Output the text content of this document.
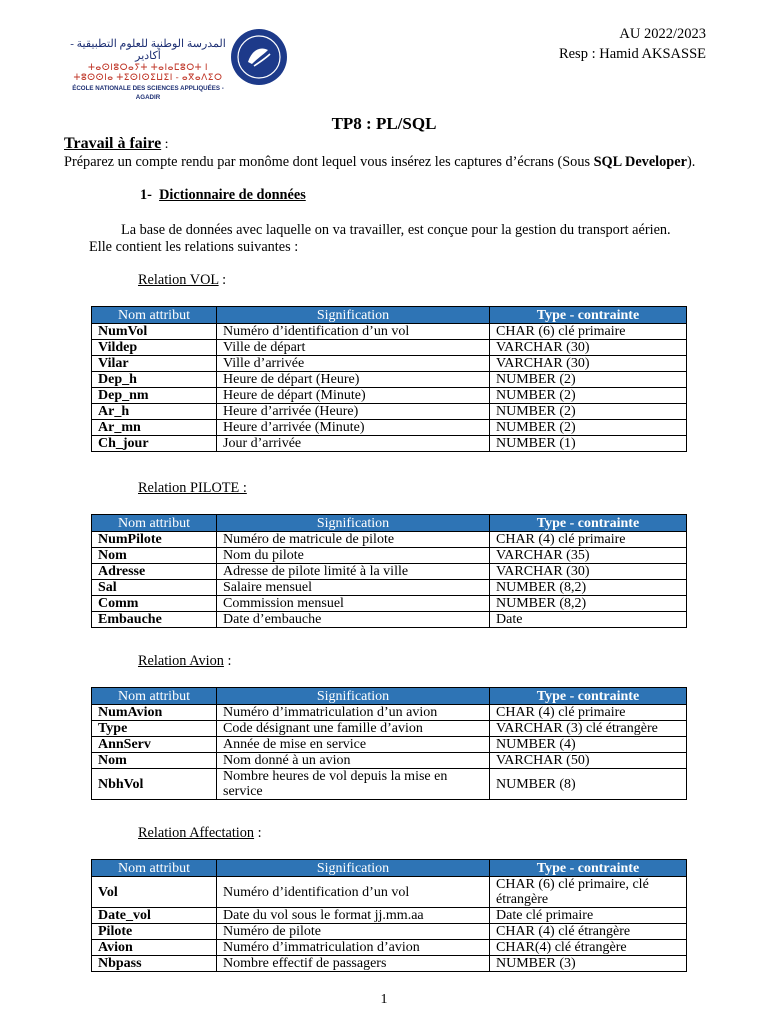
المدرسة الوطنية للعلوم التطبيقية - أكادير
ⵜⴰⵙⵏⵓⵔⴰⵢⵜ ⵜⴰⵏⴰⵎⵓⵔⵜ ⵏ ⵜⵓⵙⵙⵏⴰ ⵜⵉⵙⵏⵙⵉⵡⵉⵏ - ⴰⴳⴰⴷⵉⵔ
ÉCOLE NATIONALE DES SCIENCES APPLIQUÉES - AGADIR
AU 2022/2023
Resp : Hamid AKSASSE
TP8 : PL/SQL
Travail à faire :
Préparez un compte rendu par monôme dont lequel vous insérez les captures d’écrans (Sous SQL Developer).
1- Dictionnaire de données
La base de données avec laquelle on va travailler, est conçue pour la gestion du transport aérien.
Elle contient les relations suivantes :
Relation VOL :
Nom attribut	Signification	Type - contrainte
NumVol	Numéro d’identification d’un vol	CHAR (6) clé primaire
Vildep	Ville de départ	VARCHAR (30)
Vilar	Ville d’arrivée	VARCHAR (30)
Dep_h	Heure de départ (Heure)	NUMBER (2)
Dep_nm	Heure de départ (Minute)	NUMBER (2)
Ar_h	Heure d’arrivée (Heure)	NUMBER (2)
Ar_mn	Heure d’arrivée (Minute)	NUMBER (2)
Ch_jour	Jour d’arrivée	NUMBER (1)
Relation PILOTE :
Nom attribut	Signification	Type - contrainte
NumPilote	Numéro de matricule de pilote	CHAR (4) clé primaire
Nom	Nom du pilote	VARCHAR (35)
Adresse	Adresse de pilote limité à la ville	VARCHAR (30)
Sal	Salaire mensuel	NUMBER (8,2)
Comm	Commission mensuel	NUMBER (8,2)
Embauche	Date d’embauche	Date
Relation Avion :
Nom attribut	Signification	Type - contrainte
NumAvion	Numéro d’immatriculation d’un avion	CHAR (4) clé primaire
Type	Code désignant une famille d’avion	VARCHAR (3) clé étrangère
AnnServ	Année de mise en service	NUMBER (4)
Nom	Nom donné à un avion	VARCHAR (50)
NbhVol	Nombre heures de vol depuis la mise en service	NUMBER (8)
Relation Affectation :
Nom attribut	Signification	Type - contrainte
Vol	Numéro d’identification d’un vol	CHAR (6) clé primaire, clé étrangère
Date_vol	Date du vol sous le format jj.mm.aa	Date clé primaire
Pilote	Numéro de pilote	CHAR (4) clé étrangère
Avion	Numéro d’immatriculation d’avion	CHAR(4) clé étrangère
Nbpass	Nombre effectif de passagers	NUMBER (3)
1
